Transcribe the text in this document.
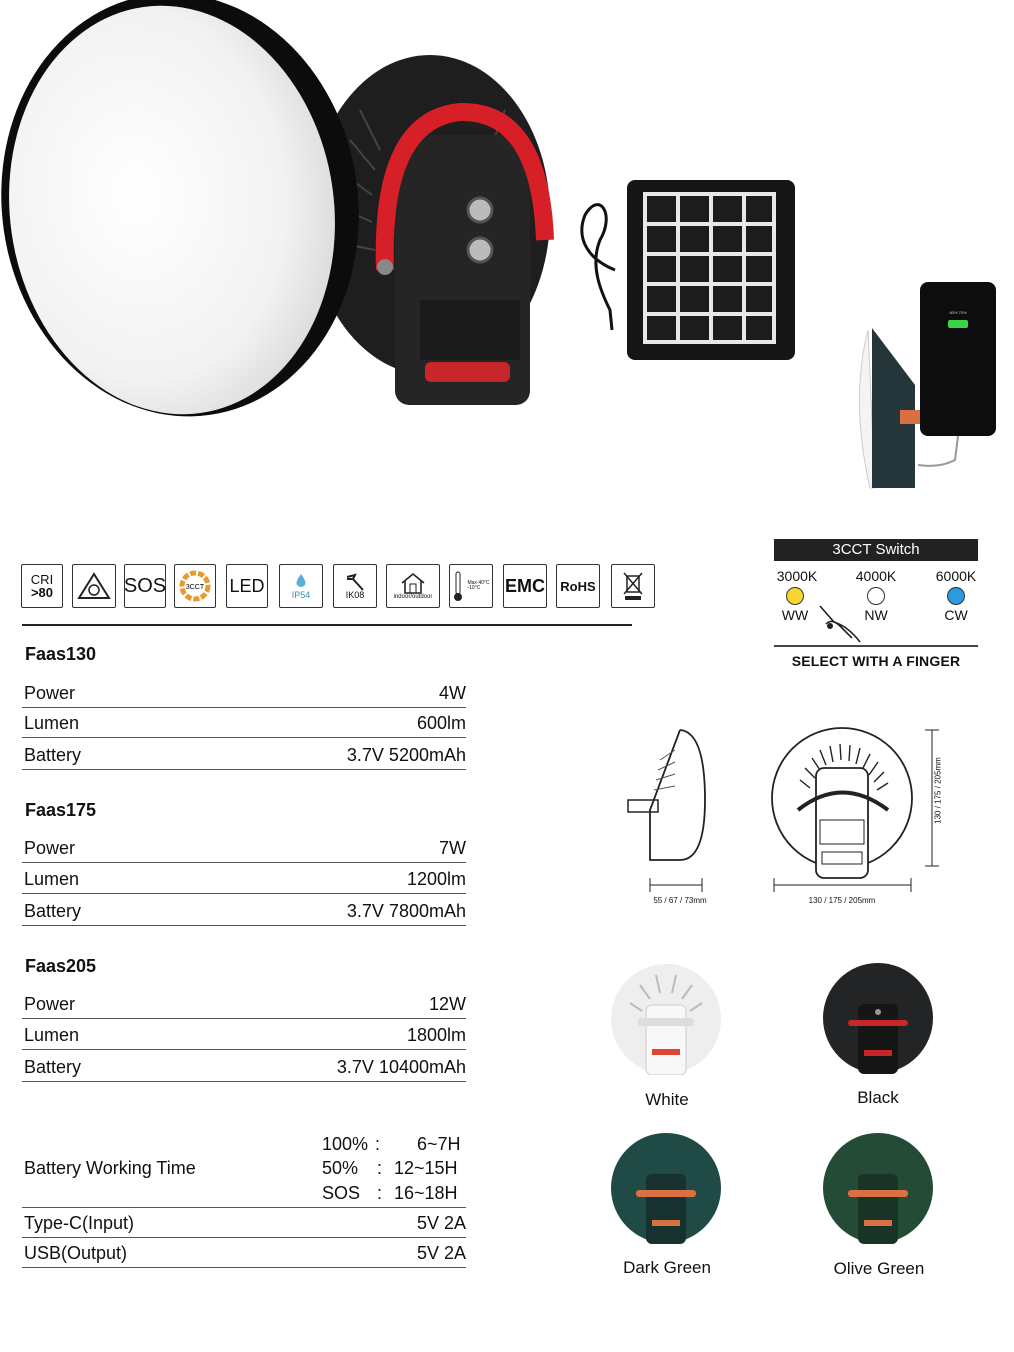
80% 70%
CRI
>80	SOS	3CCT LED	IP54	IK08	indoor/outdoor
Max 40°C
-10°C	EMC RoHS
Faas130
Power	4W
Lumen	600lm
Battery	3.7V 5200mAh
Faas175
Power	7W
Lumen	1200lm
Battery	3.7V 7800mAh
Faas205
Power	12W
Lumen	1800lm
Battery	3.7V 10400mAh
Battery Working Time
100% : 6~7H
50% : 12~15H
SOS : 16~18H
Type-C(Input)	5V 2A
USB(Output)	5V 2A
3CCT Switch
3000K	4000K	6000K
WW	NW	CW
SELECT WITH A FINGER
55 / 67 / 73mm	130 / 175 / 205mm
130 / 175 / 205mm
White	Black
Dark Green	Olive Green
